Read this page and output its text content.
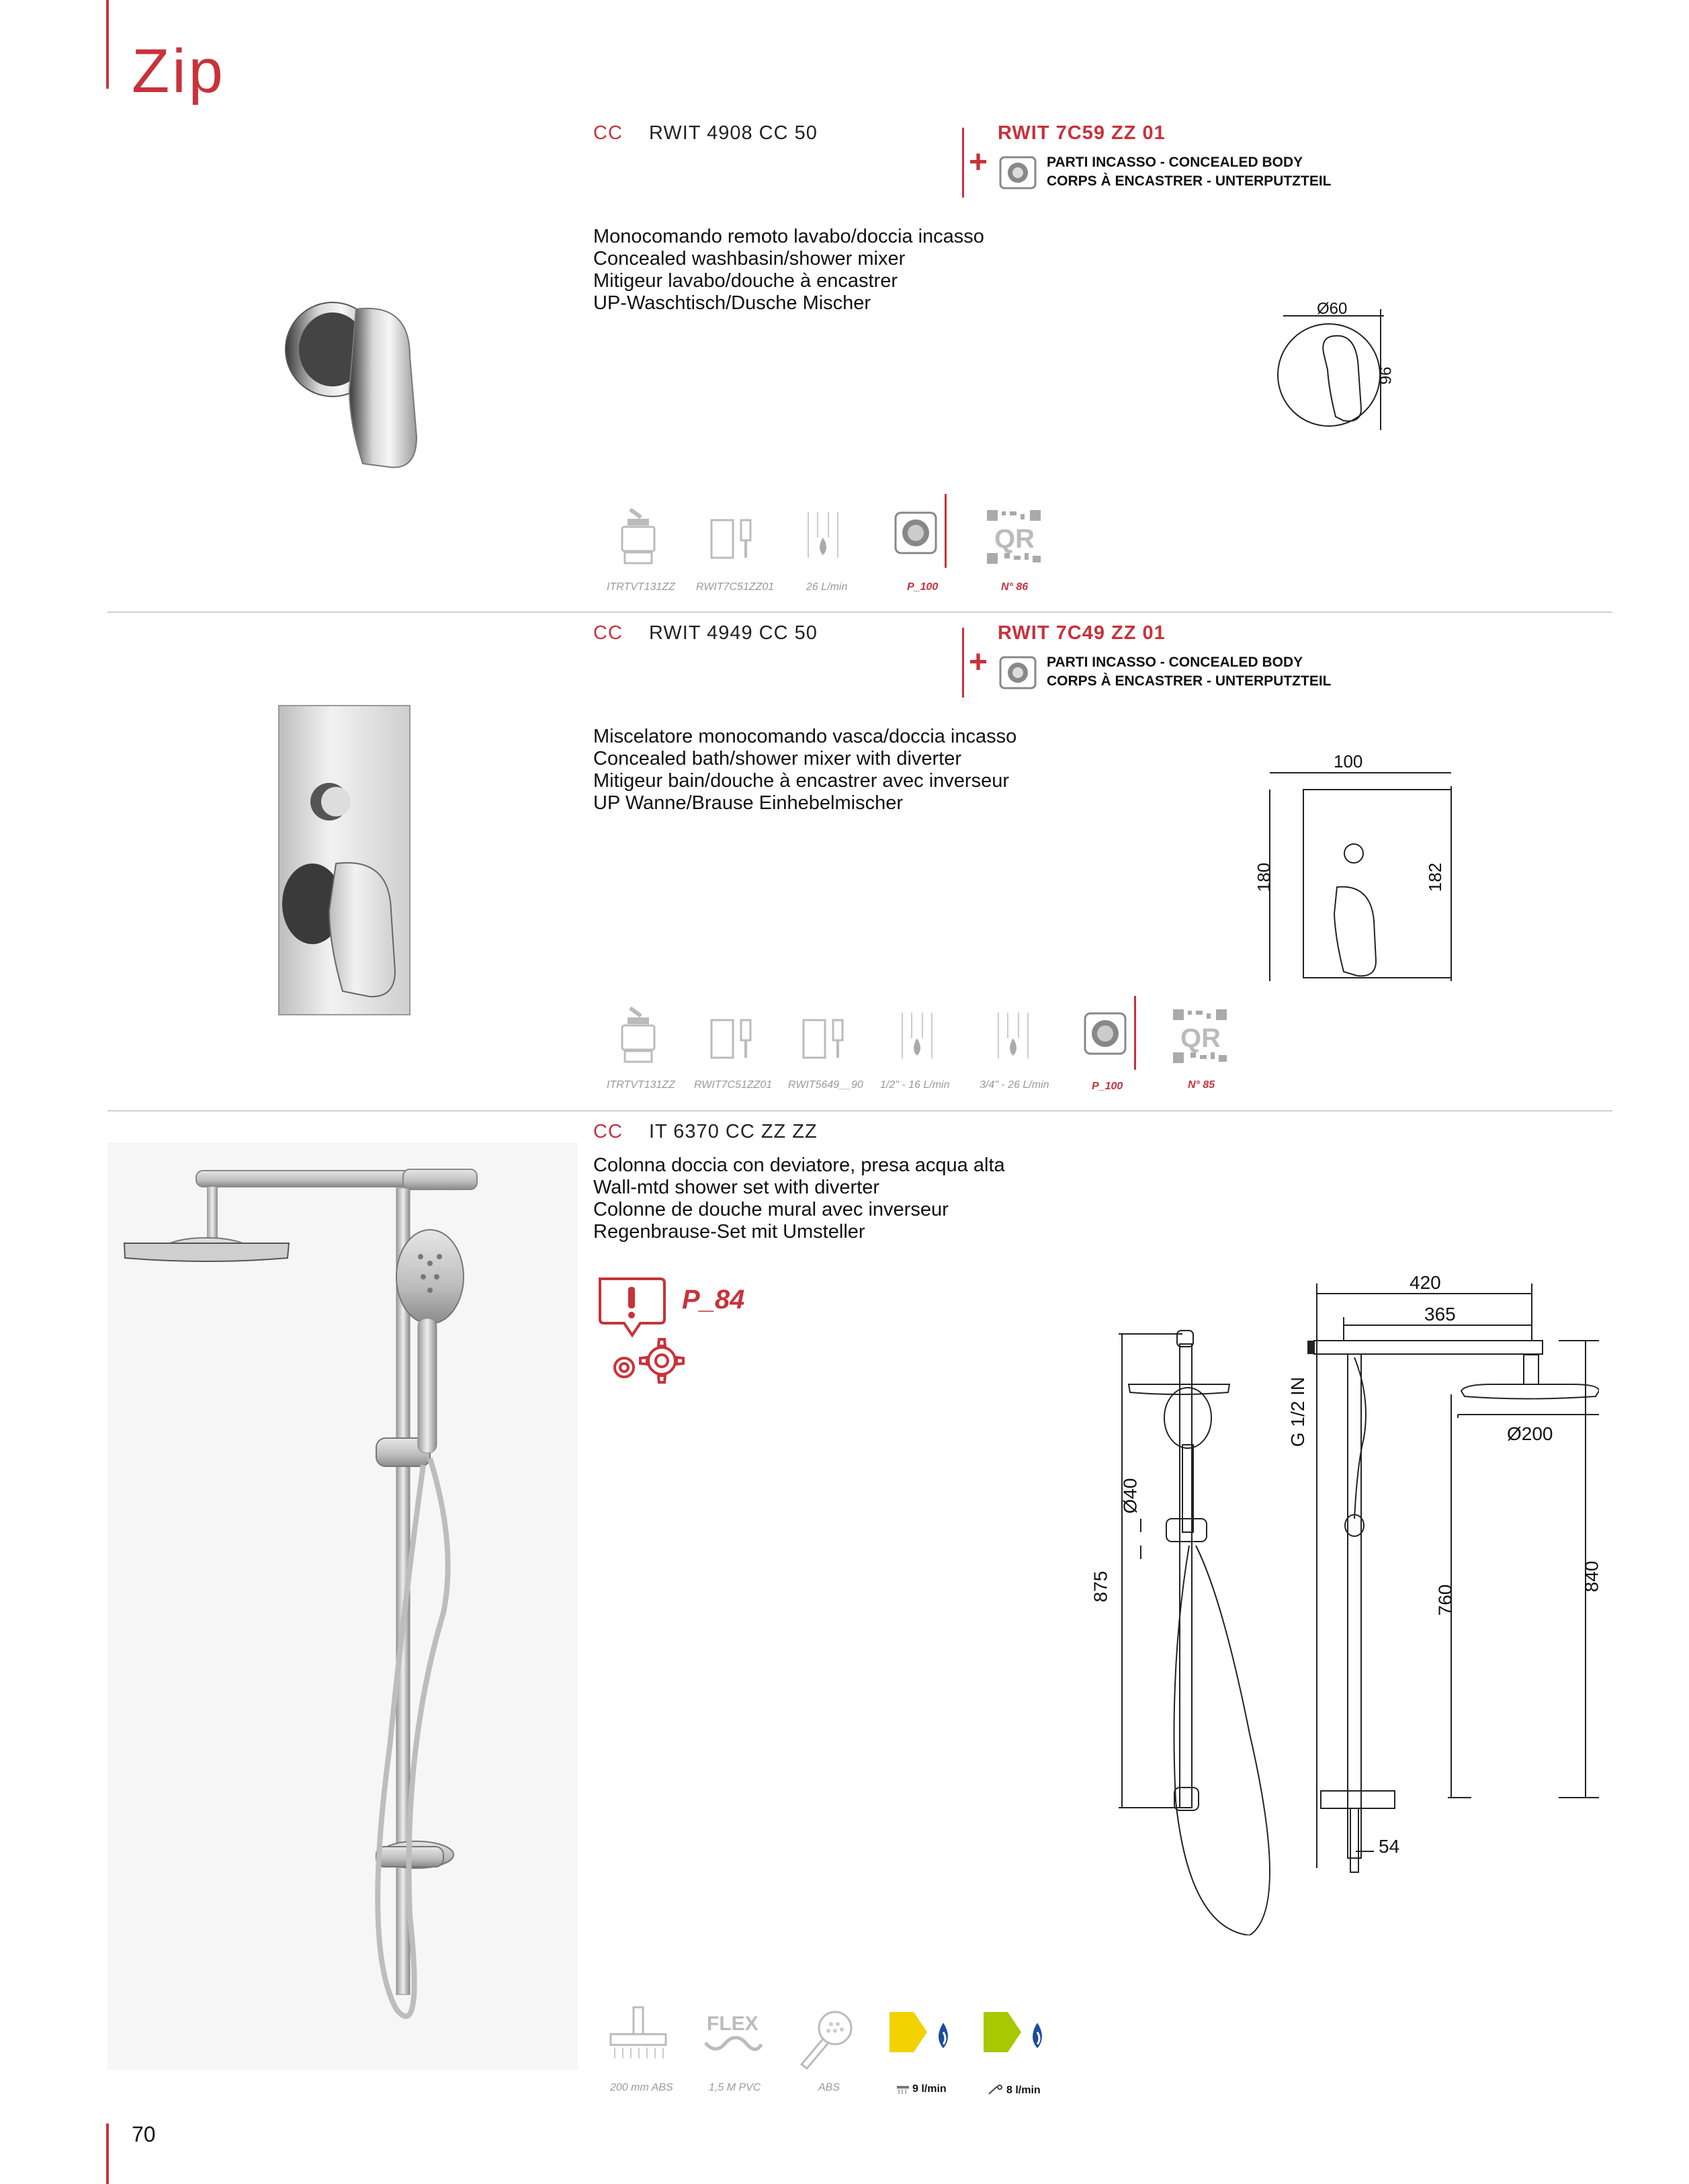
Zip
CC RWIT 4908 CC 50	RWIT 7C59 ZZ 01
+	PARTI INCASSO - CONCEALED BODY
CORPS À ENCASTRER - UNTERPUTZTEIL
Monocomando remoto lavabo/doccia incasso
Concealed washbasin/shower mixer
Mitigeur lavabo/douche à encastrer
UP-Waschtisch/Dusche Mischer	Ø60
96
QR
ITRTVT131ZZ RWIT7C51ZZ01	26 L/min	P_100	N° 86
CC RWIT 4949 CC 50	RWIT 7C49 ZZ 01
+	PARTI INCASSO - CONCEALED BODY
CORPS À ENCASTRER - UNTERPUTZTEIL
Miscelatore monocomando vasca/doccia incasso
Concealed bath/shower mixer with diverter
Mitigeur bain/douche à encastrer avec inverseur
UP Wanne/Brause Einhebelmischer
100
180	182
QR
ITRTVT131ZZ RWIT7C51ZZ01 RWIT5649__90 1/2" - 16 L/min	3/4" - 26 L/min	P_100	N° 85
CC IT 6370 CC ZZ ZZ
Colonna doccia con deviatore, presa acqua alta
Wall-mtd shower set with diverter
Colonne de douche mural avec inverseur
Regenbrause-Set mit Umsteller
P_84
420
365
G 1/2 IN	Ø200
Ø40
875	760
840
54
FLEX
200 mm ABS	1,5 M PVC	ABS	9 l/min	8 l/min
70
